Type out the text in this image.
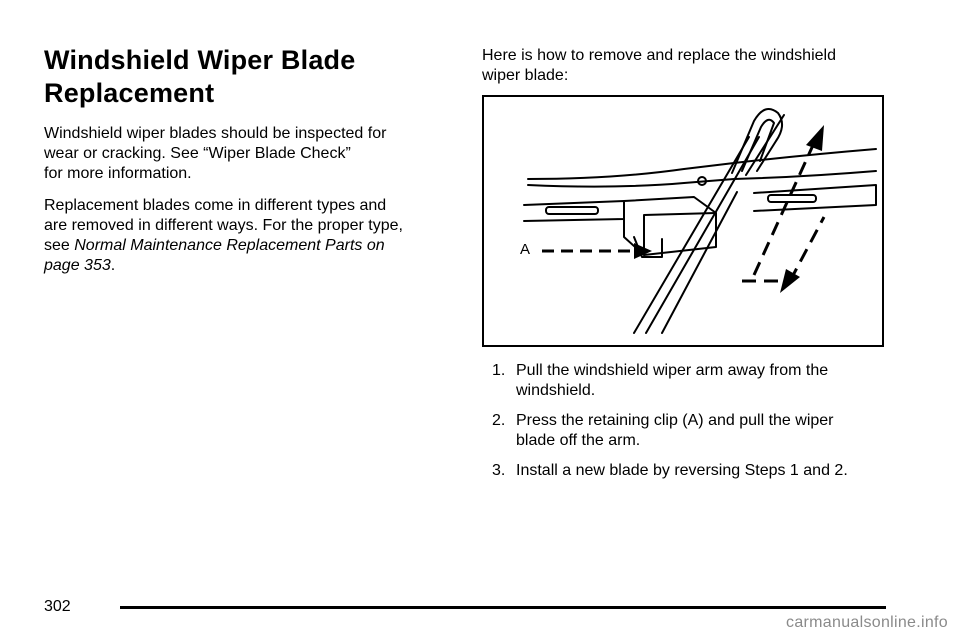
Windshield Wiper Blade
Replacement

Windshield wiper blades should be inspected for
wear or cracking. See “Wiper Blade Check”
for more information.

Replacement blades come in different types and
are removed in different ways. For the proper type,
see Normal Maintenance Replacement Parts on
page 353.

Here is how to remove and replace the windshield
wiper blade:

A
1. Pull the windshield wiper arm away from the
windshield.
2. Press the retaining clip (A) and pull the wiper
blade off the arm.
3. Install a new blade by reversing Steps 1 and 2.
302
carmanualsonline.info
